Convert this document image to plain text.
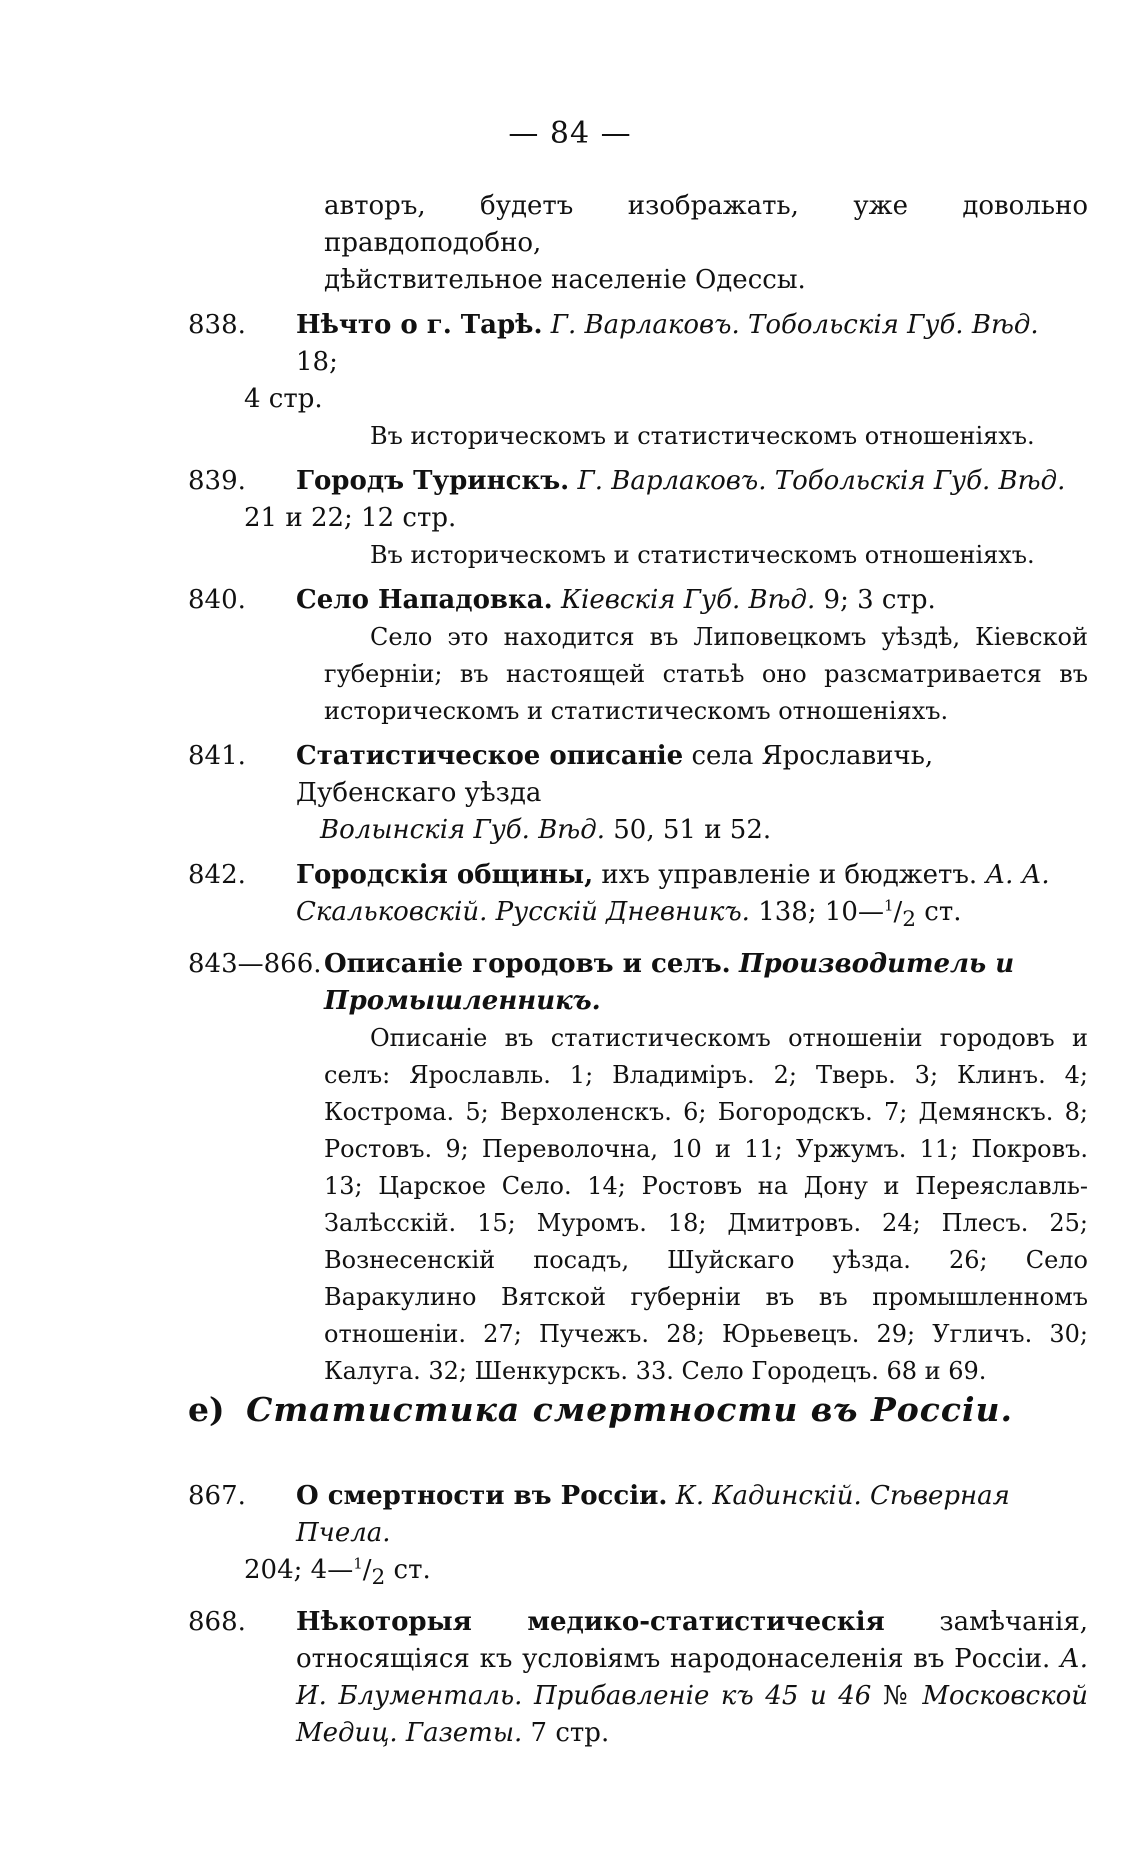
— 84 —

авторъ, будетъ изображать, уже довольно правдоподобно,

дѣйствительное населеніе Одессы.

838.	Нѣчто о г. Тарѣ. Г. Варлаковъ. Тобольскія Губ. Вѣд. 18;
4 стр.

Въ историческомъ и статистическомъ отношеніяхъ.

839.	Городъ Туринскъ. Г. Варлаковъ. Тобольскія Губ. Вѣд.
21 и 22; 12 стр.

Въ историческомъ и статистическомъ отношеніяхъ.

840.	Село Нападовка. Кіевскія Губ. Вѣд. 9; 3 стр.

Село это находится въ Липовецкомъ уѣздѣ, Кіевской губерніи; въ настоящей статьѣ оно разсматривается въ историческомъ и статистическомъ отношеніяхъ.

841.	Статистическое описаніе села Ярославичь, Дубенскаго уѣзда
Волынскія Губ. Вѣд. 50, 51 и 52.
842.	Городскія общины, ихъ управленіе и бюджетъ. А. А. Скальковскій. Русскій Дневникъ. 138; $10—^1/_2$ ст.
843—866. Описаніе городовъ и селъ. Производитель и Промышленникъ.

Описаніе въ статистическомъ отношеніи городовъ и селъ: Ярославль. 1; Владиміръ. 2; Тверь. 3; Клинъ. 4; Кострома. 5; Верхоленскъ. 6; Богородскъ. 7; Демянскъ. 8; Ростовъ. 9; Переволочна, 10 и 11; Уржумъ. 11; Покровъ. 13; Царское Село. 14; Ростовъ на Дону и Переяславль-Залѣсскій. 15; Муромъ. 18; Дмитровъ. 24; Плесъ. 25; Вознесенскій посадъ, Шуйскаго уѣзда. 26; Село Варакулино Вятской губерніи въ въ промышленномъ отношеніи. 27; Пучежъ. 28; Юрьевецъ. 29; Угличъ. 30; Калуга. 32; Шенкурскъ. 33. Село Городецъ. 68 и 69.

е) Статистика смертности въ Россіи.
867.	О смертности въ Россіи. К. Кадинскій. Сѣверная Пчела.
204; $4—^1/_2$ ст.
868.	Нѣкоторыя медико-статистическія замѣчанія, относящіяся къ условіямъ народонаселенія въ Россіи. А. И. Блументаль. Прибавленіе къ 45 и 46 № Московской Медиц. Газеты. 7 стр.
